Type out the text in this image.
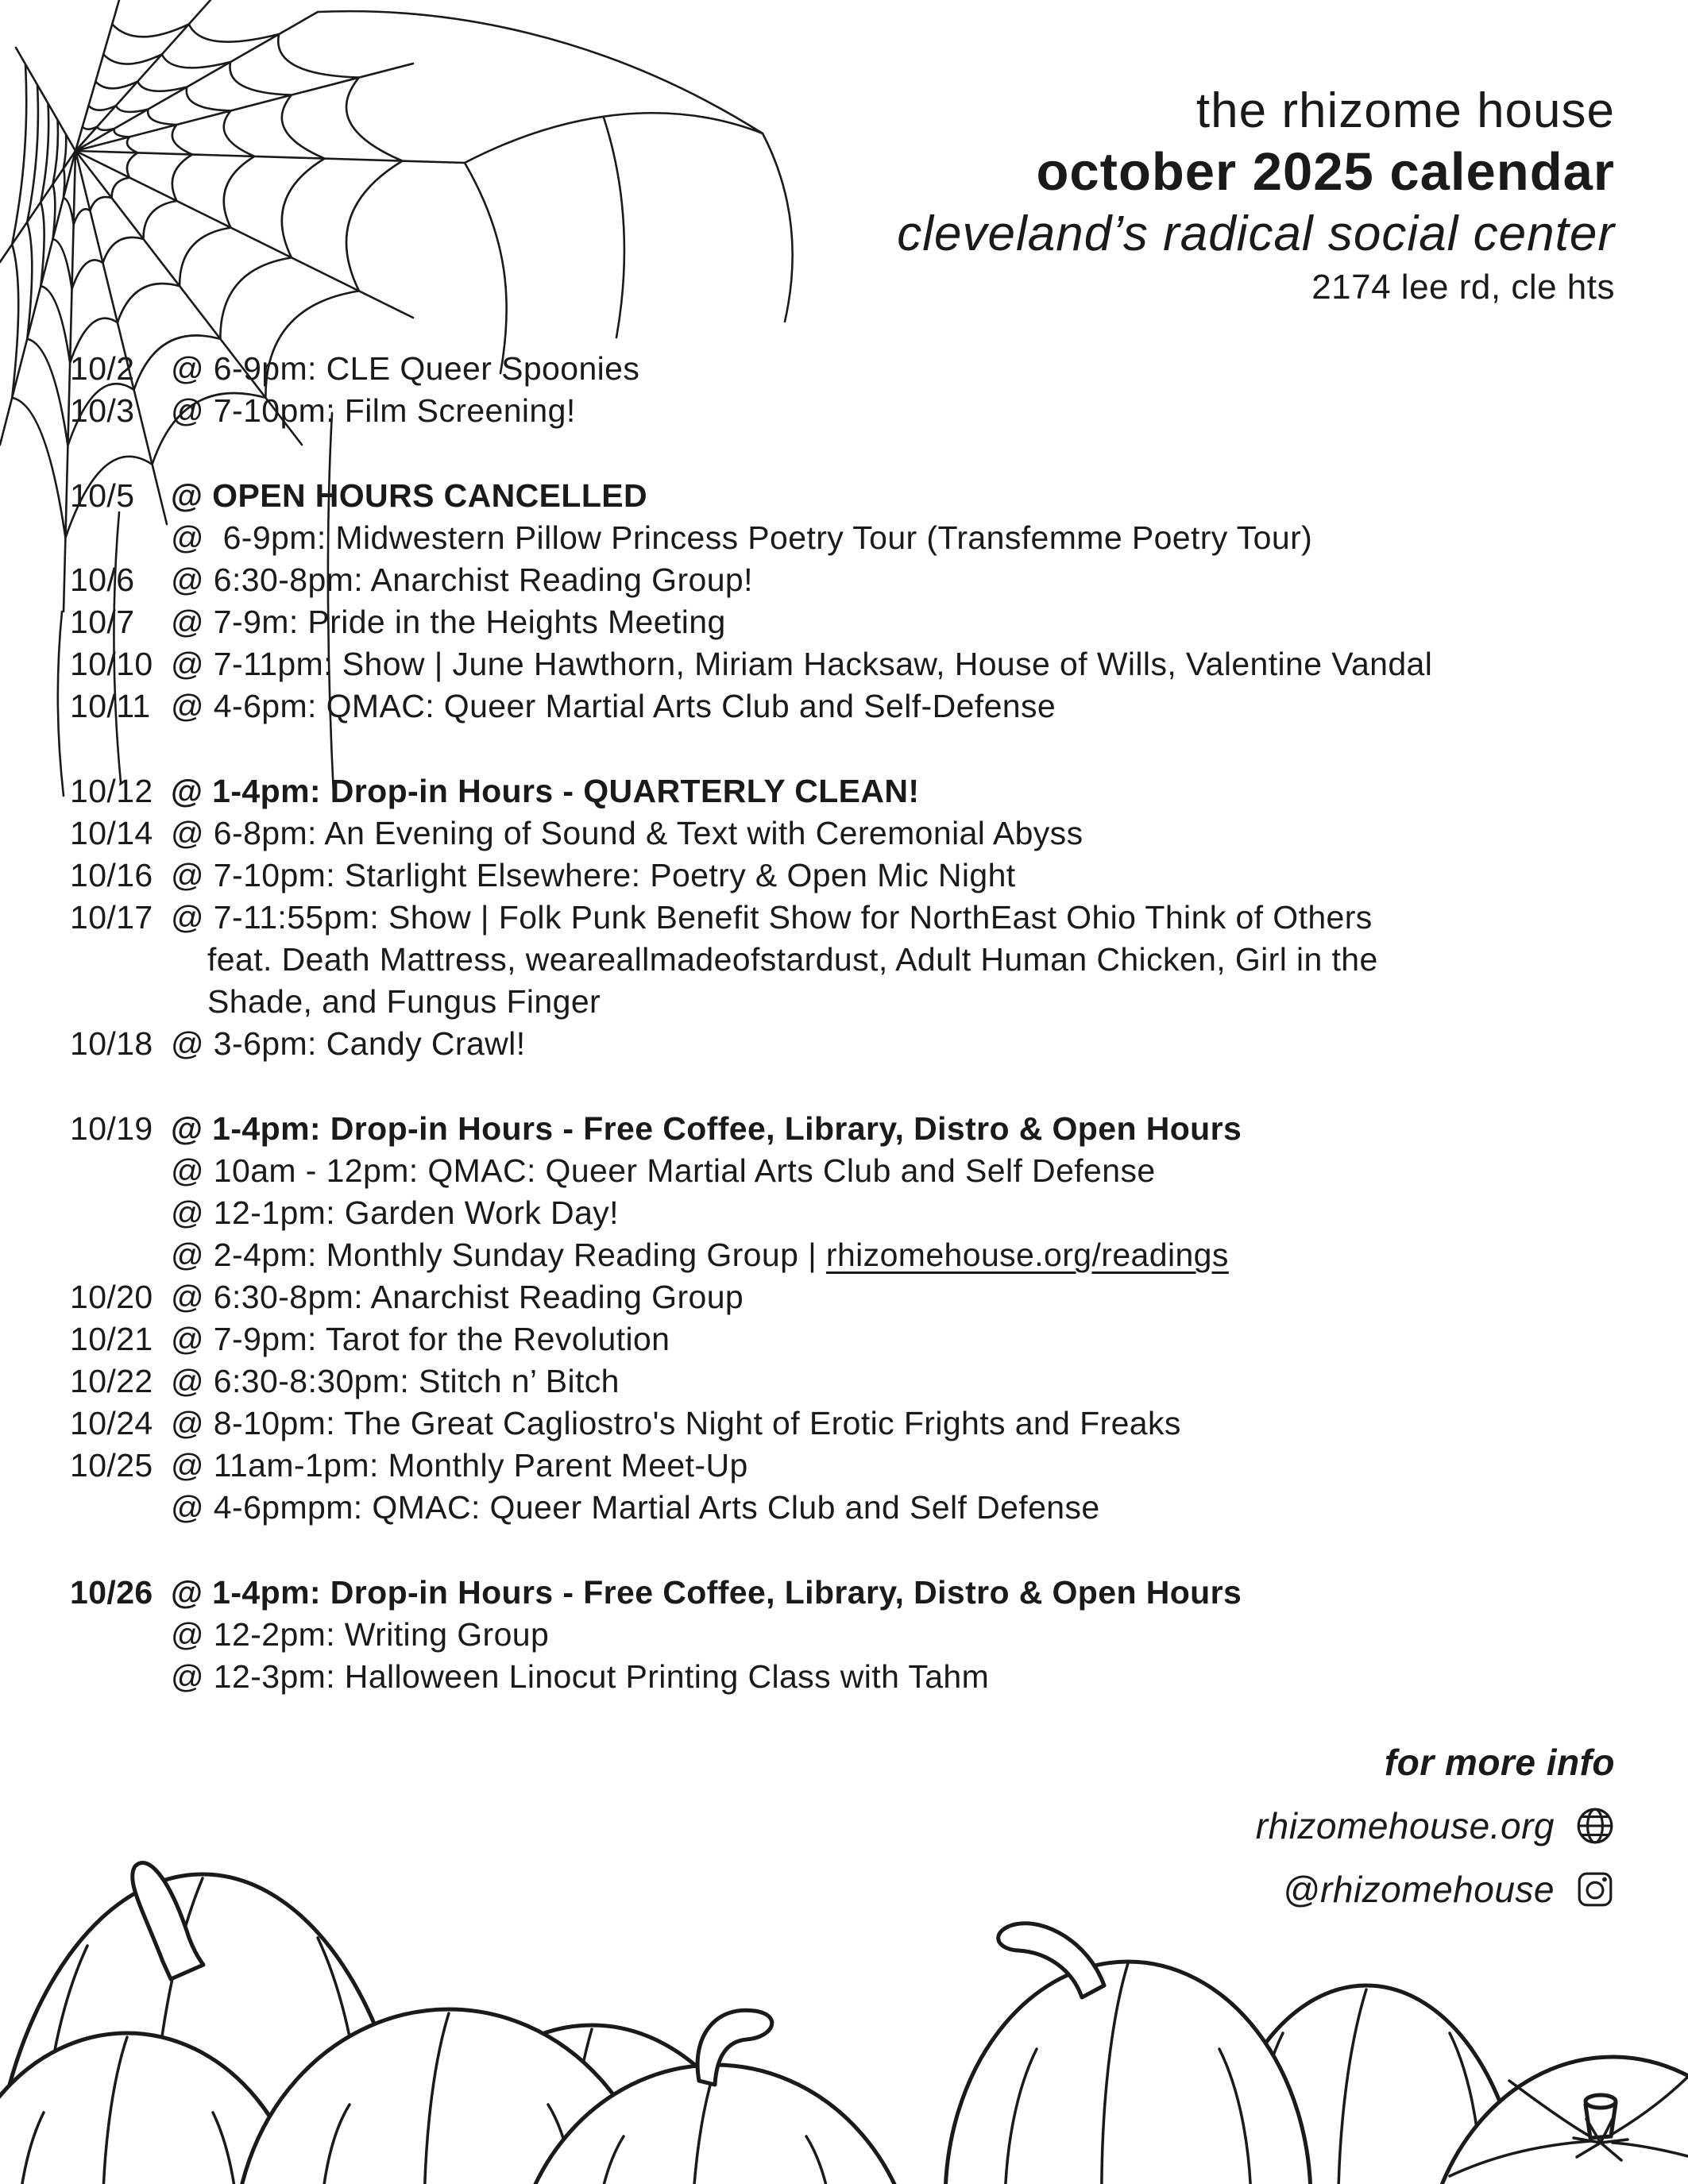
the rhizome house
october 2025 calendar
cleveland’s radical social center
2174 lee rd, cle hts
10/2	@ 6-9pm: CLE Queer Spoonies
10/3	@ 7-10pm: Film Screening!
10/5	@ OPEN HOURS CANCELLED
@  6-9pm: Midwestern Pillow Princess Poetry Tour (Transfemme Poetry Tour)
10/6	@ 6:30-8pm: Anarchist Reading Group!
10/7	@ 7-9m: Pride in the Heights Meeting
10/10 @ 7-11pm: Show | June Hawthorn, Miriam Hacksaw, House of Wills, Valentine Vandal
10/11 @ 4-6pm: QMAC: Queer Martial Arts Club and Self-Defense
10/12 @ 1-4pm: Drop-in Hours - QUARTERLY CLEAN!
10/14 @ 6-8pm: An Evening of Sound & Text with Ceremonial Abyss
10/16 @ 7-10pm: Starlight Elsewhere: Poetry & Open Mic Night
10/17 @ 7-11:55pm: Show | Folk Punk Benefit Show for NorthEast Ohio Think of Others
feat. Death Mattress, weareallmadeofstardust, Adult Human Chicken, Girl in the
Shade, and Fungus Finger
10/18 @ 3-6pm: Candy Crawl!
10/19 @ 1-4pm: Drop-in Hours - Free Coffee, Library, Distro & Open Hours
@ 10am - 12pm: QMAC: Queer Martial Arts Club and Self Defense
@ 12-1pm: Garden Work Day!
@ 2-4pm: Monthly Sunday Reading Group | rhizomehouse.org/readings
10/20 @ 6:30-8pm: Anarchist Reading Group
10/21 @ 7-9pm: Tarot for the Revolution
10/22 @ 6:30-8:30pm: Stitch n’ Bitch
10/24 @ 8-10pm: The Great Cagliostro's Night of Erotic Frights and Freaks
10/25 @ 11am-1pm: Monthly Parent Meet-Up
@ 4-6pmpm: QMAC: Queer Martial Arts Club and Self Defense
10/26 @ 1-4pm: Drop-in Hours - Free Coffee, Library, Distro & Open Hours
@ 12-2pm: Writing Group
@ 12-3pm: Halloween Linocut Printing Class with Tahm
for more info
rhizomehouse.org
@rhizomehouse
